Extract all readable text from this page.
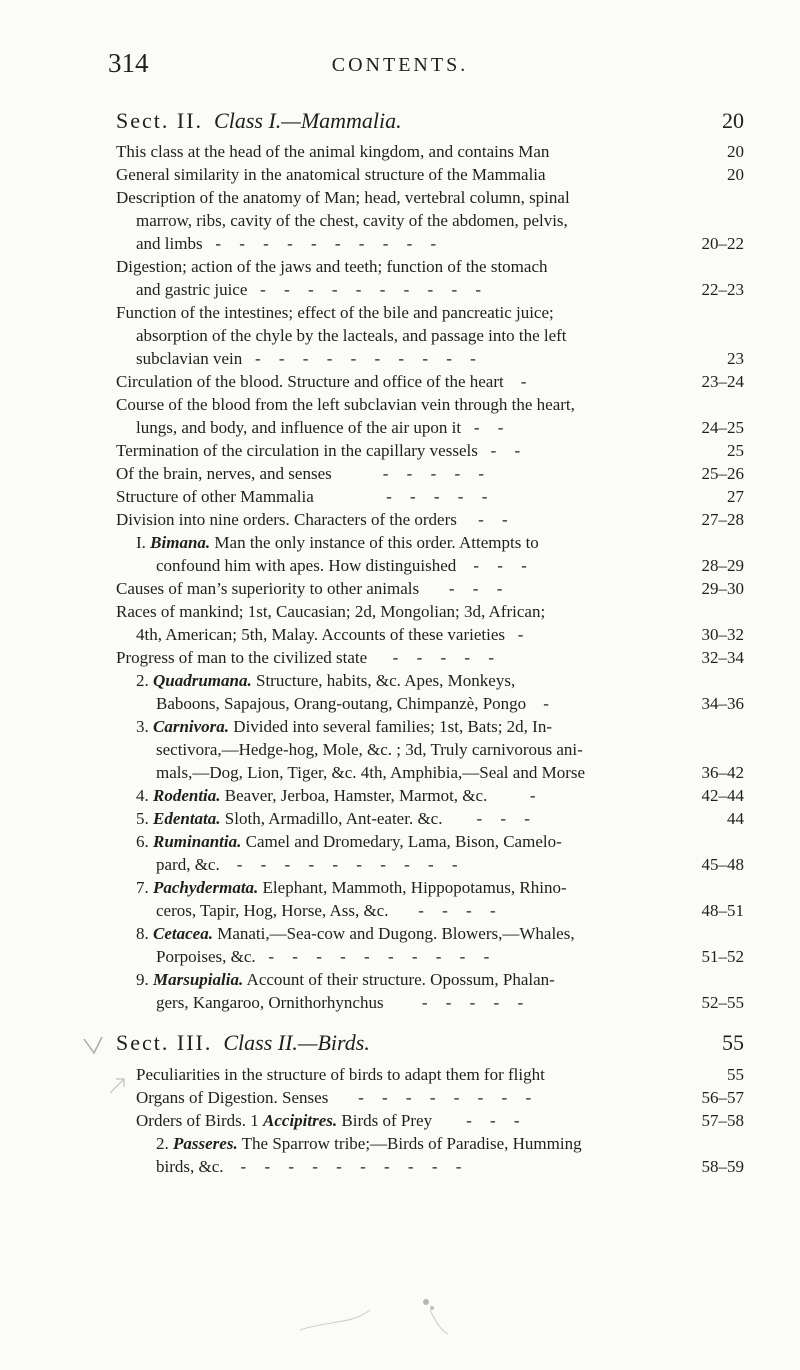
314	CONTENTS.
Sect. II. Class I.—Mammalia.	20
This class at the head of the animal kingdom, and contains Man	20
General similarity in the anatomical structure of the Mammalia	20
Description of the anatomy of Man; head, vertebral column, spinal
marrow, ribs, cavity of the chest, cavity of the abdomen, pelvis,
and limbs - - - - - - - - - -	20–22
Digestion; action of the jaws and teeth; function of the stomach
and gastric juice - - - - - - - - - -	22–23
Function of the intestines; effect of the bile and pancreatic juice;
absorption of the chyle by the lacteals, and passage into the left
subclavian vein - - - - - - - - - -	23
Circulation of the blood. Structure and office of the heart -	23–24
Course of the blood from the left subclavian vein through the heart,
lungs, and body, and influence of the air upon it - -	24–25
Termination of the circulation in the capillary vessels - -	25
Of the brain, nerves, and senses	- - - - -	25–26
Structure of other Mammalia	- - - - -	27
Division into nine orders. Characters of the orders - -	27–28
I. Bimana. Man the only instance of this order. Attempts to
confound him with apes. How distinguished - - -	28–29
Causes of man’s superiority to other animals - - -	29–30
Races of mankind; 1st, Caucasian; 2d, Mongolian; 3d, African;
4th, American; 5th, Malay. Accounts of these varieties -	30–32
Progress of man to the civilized state - - - - -	32–34
2. Quadrumana. Structure, habits, &c. Apes, Monkeys,
Baboons, Sapajous, Orang-outang, Chimpanzè, Pongo -	34–36
3. Carnivora. Divided into several families; 1st, Bats; 2d, In-
sectivora,—Hedge-hog, Mole, &c. ; 3d, Truly carnivorous ani-
mals,—Dog, Lion, Tiger, &c. 4th, Amphibia,—Seal and Morse	36–42
4. Rodentia. Beaver, Jerboa, Hamster, Marmot, &c.	-	42–44
5. Edentata. Sloth, Armadillo, Ant-eater. &c. - - -	44
6. Ruminantia. Camel and Dromedary, Lama, Bison, Camelo-
pard, &c. - - - - - - - - - -	45–48
7. Pachydermata. Elephant, Mammoth, Hippopotamus, Rhino-
ceros, Tapir, Hog, Horse, Ass, &c. - - - -	48–51
8. Cetacea. Manati,—Sea-cow and Dugong. Blowers,—Whales,
Porpoises, &c. - - - - - - - - - -	51–52
9. Marsupialia. Account of their structure. Opossum, Phalan-
gers, Kangaroo, Ornithorhynchus - - - - -	52–55
Sect. III. Class II.—Birds.	55
Peculiarities in the structure of birds to adapt them for flight	55
Organs of Digestion. Senses - - - - - - - -	56–57
Orders of Birds. 1 Accipitres. Birds of Prey - - -	57–58
2. Passeres. The Sparrow tribe;—Birds of Paradise, Humming
birds, &c. - - - - - - - - - -	58–59
